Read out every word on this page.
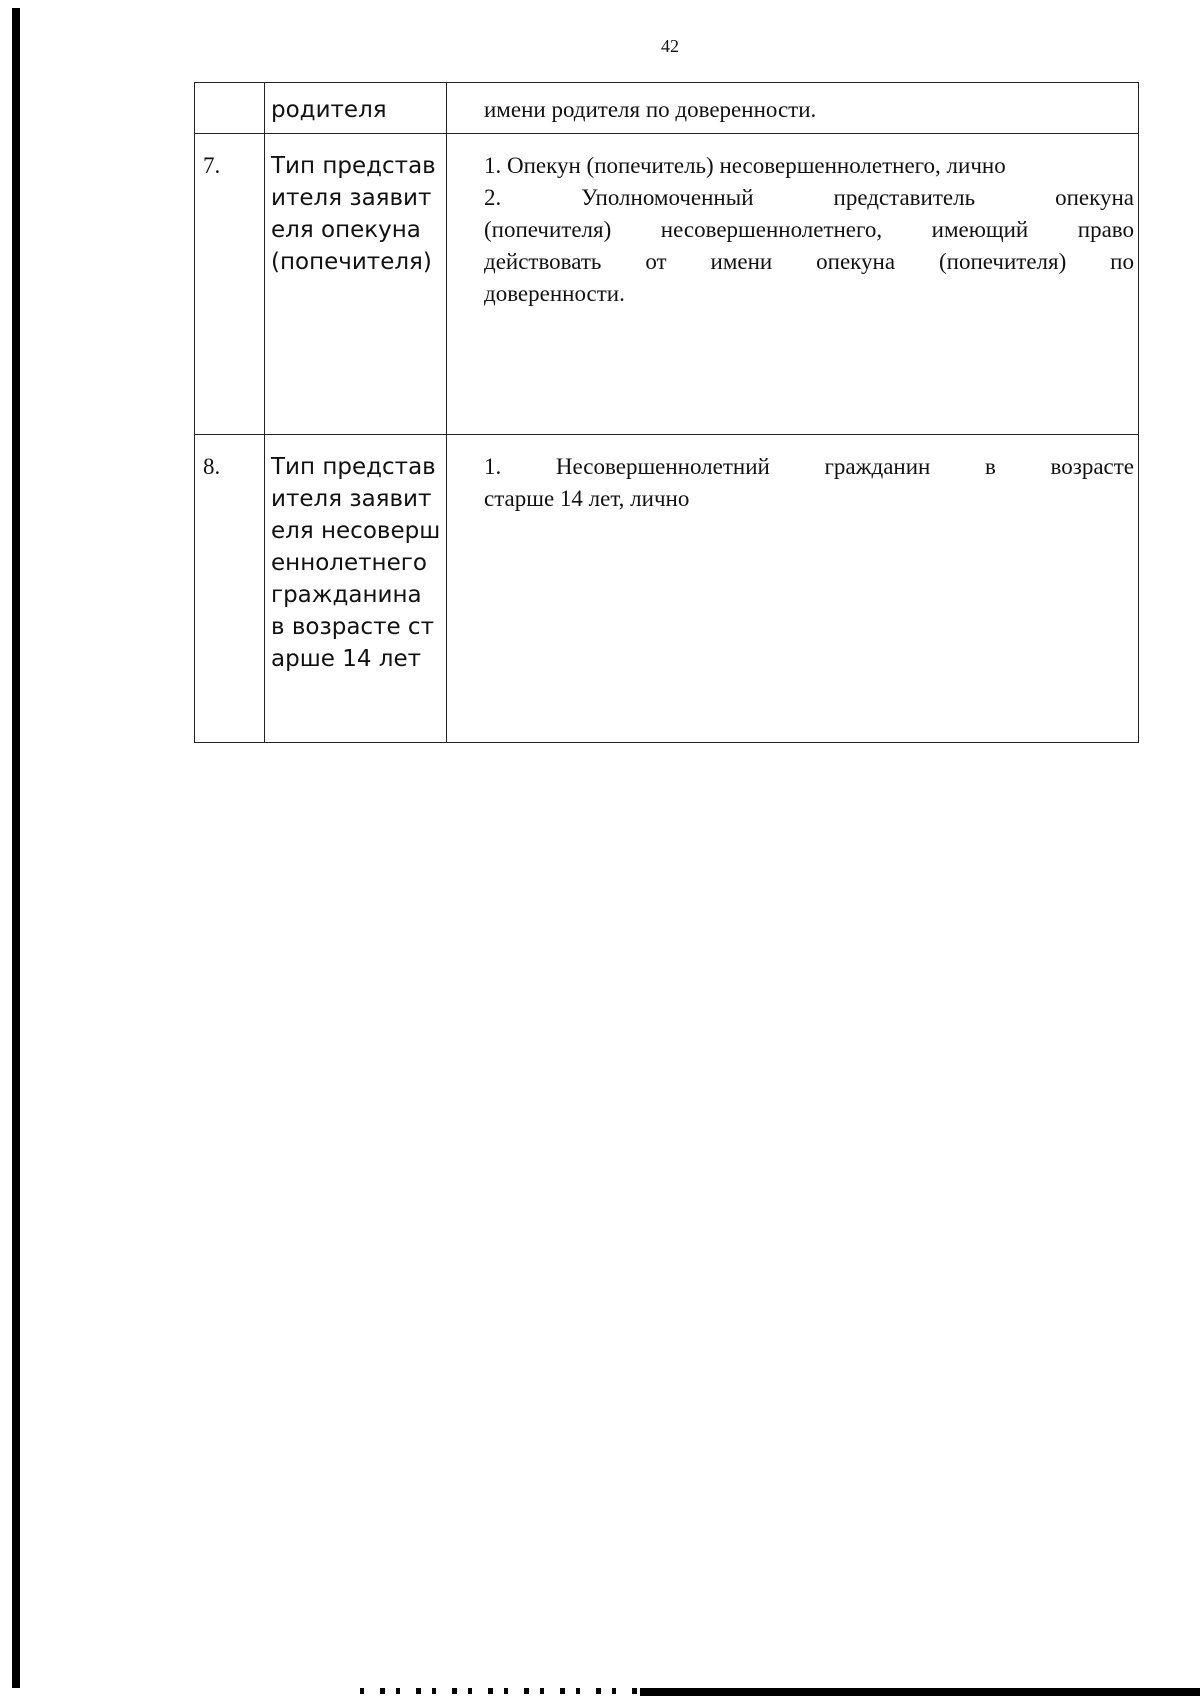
42
	родителя	имени родителя по доверенности.

7.	Тип представителя заявителя опекуна (попечителя)	1. Опекун (попечитель) несовершеннолетнего, лично
2. Уполномоченный представитель опекуна
(попечителя) несовершеннолетнего, имеющий право
действовать от имени опекуна (попечителя) по
доверенности.

8.	Тип представителя заявителя несовершеннолетнего гражданина в возрасте старше 14 лет	1. Несовершеннолетний гражданин в возрасте
старше 14 лет, лично
